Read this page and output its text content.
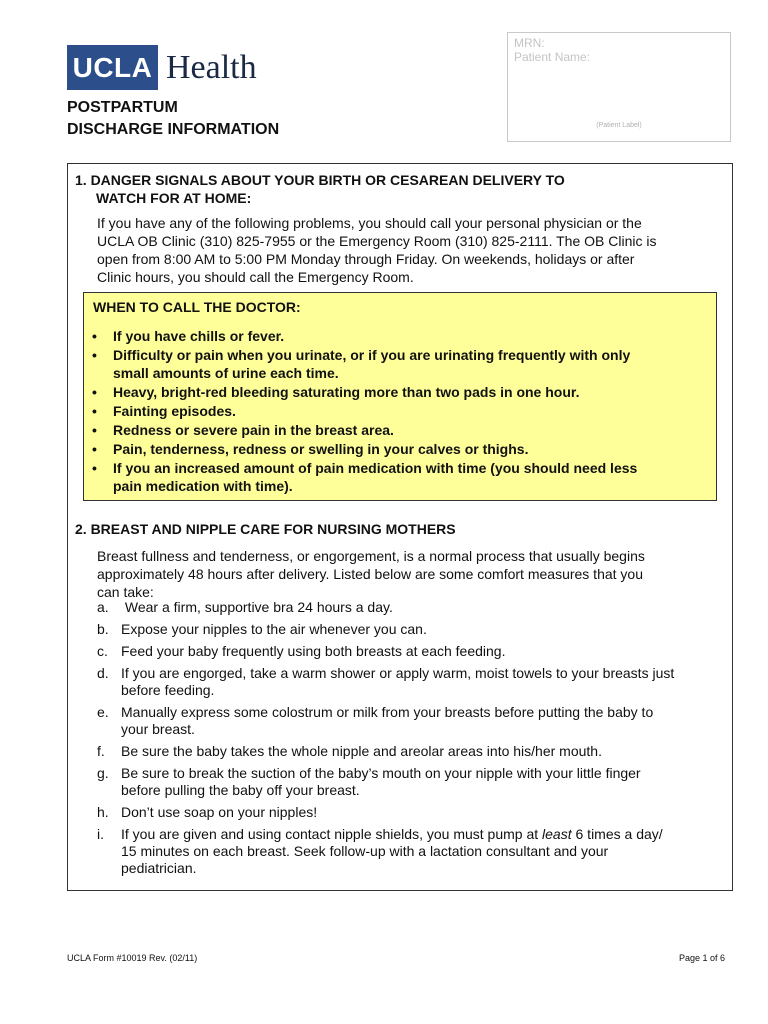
UCLA Health
POSTPARTUM
DISCHARGE INFORMATION
MRN:
Patient Name:
(Patient Label)
1. DANGER SIGNALS ABOUT YOUR BIRTH OR CESAREAN DELIVERY TO
WATCH FOR AT HOME:
If you have any of the following problems, you should call your personal physician or the
UCLA OB Clinic (310) 825-7955 or the Emergency Room (310) 825-2111. The OB Clinic is
open from 8:00 AM to 5:00 PM Monday through Friday. On weekends, holidays or after
Clinic hours, you should call the Emergency Room.
WHEN TO CALL THE DOCTOR:
• If you have chills or fever.
• Difficulty or pain when you urinate, or if you are urinating frequently with only
small amounts of urine each time.
• Heavy, bright-red bleeding saturating more than two pads in one hour.
• Fainting episodes.
• Redness or severe pain in the breast area.
• Pain, tenderness, redness or swelling in your calves or thighs.
• If you an increased amount of pain medication with time (you should need less
pain medication with time).
2. BREAST AND NIPPLE CARE FOR NURSING MOTHERS
Breast fullness and tenderness, or engorgement, is a normal process that usually begins
approximately 48 hours after delivery. Listed below are some comfort measures that you
can take:
a. Wear a firm, supportive bra 24 hours a day.
b. Expose your nipples to the air whenever you can.
c. Feed your baby frequently using both breasts at each feeding.
d. If you are engorged, take a warm shower or apply warm, moist towels to your breasts just
before feeding.
e. Manually express some colostrum or milk from your breasts before putting the baby to
your breast.
f. Be sure the baby takes the whole nipple and areolar areas into his/her mouth.
g. Be sure to break the suction of the baby’s mouth on your nipple with your little finger
before pulling the baby off your breast.
h. Don’t use soap on your nipples!
i. If you are given and using contact nipple shields, you must pump at least 6 times a day/
15 minutes on each breast. Seek follow-up with a lactation consultant and your
pediatrician.
UCLA Form #10019 Rev. (02/11)	Page 1 of 6
